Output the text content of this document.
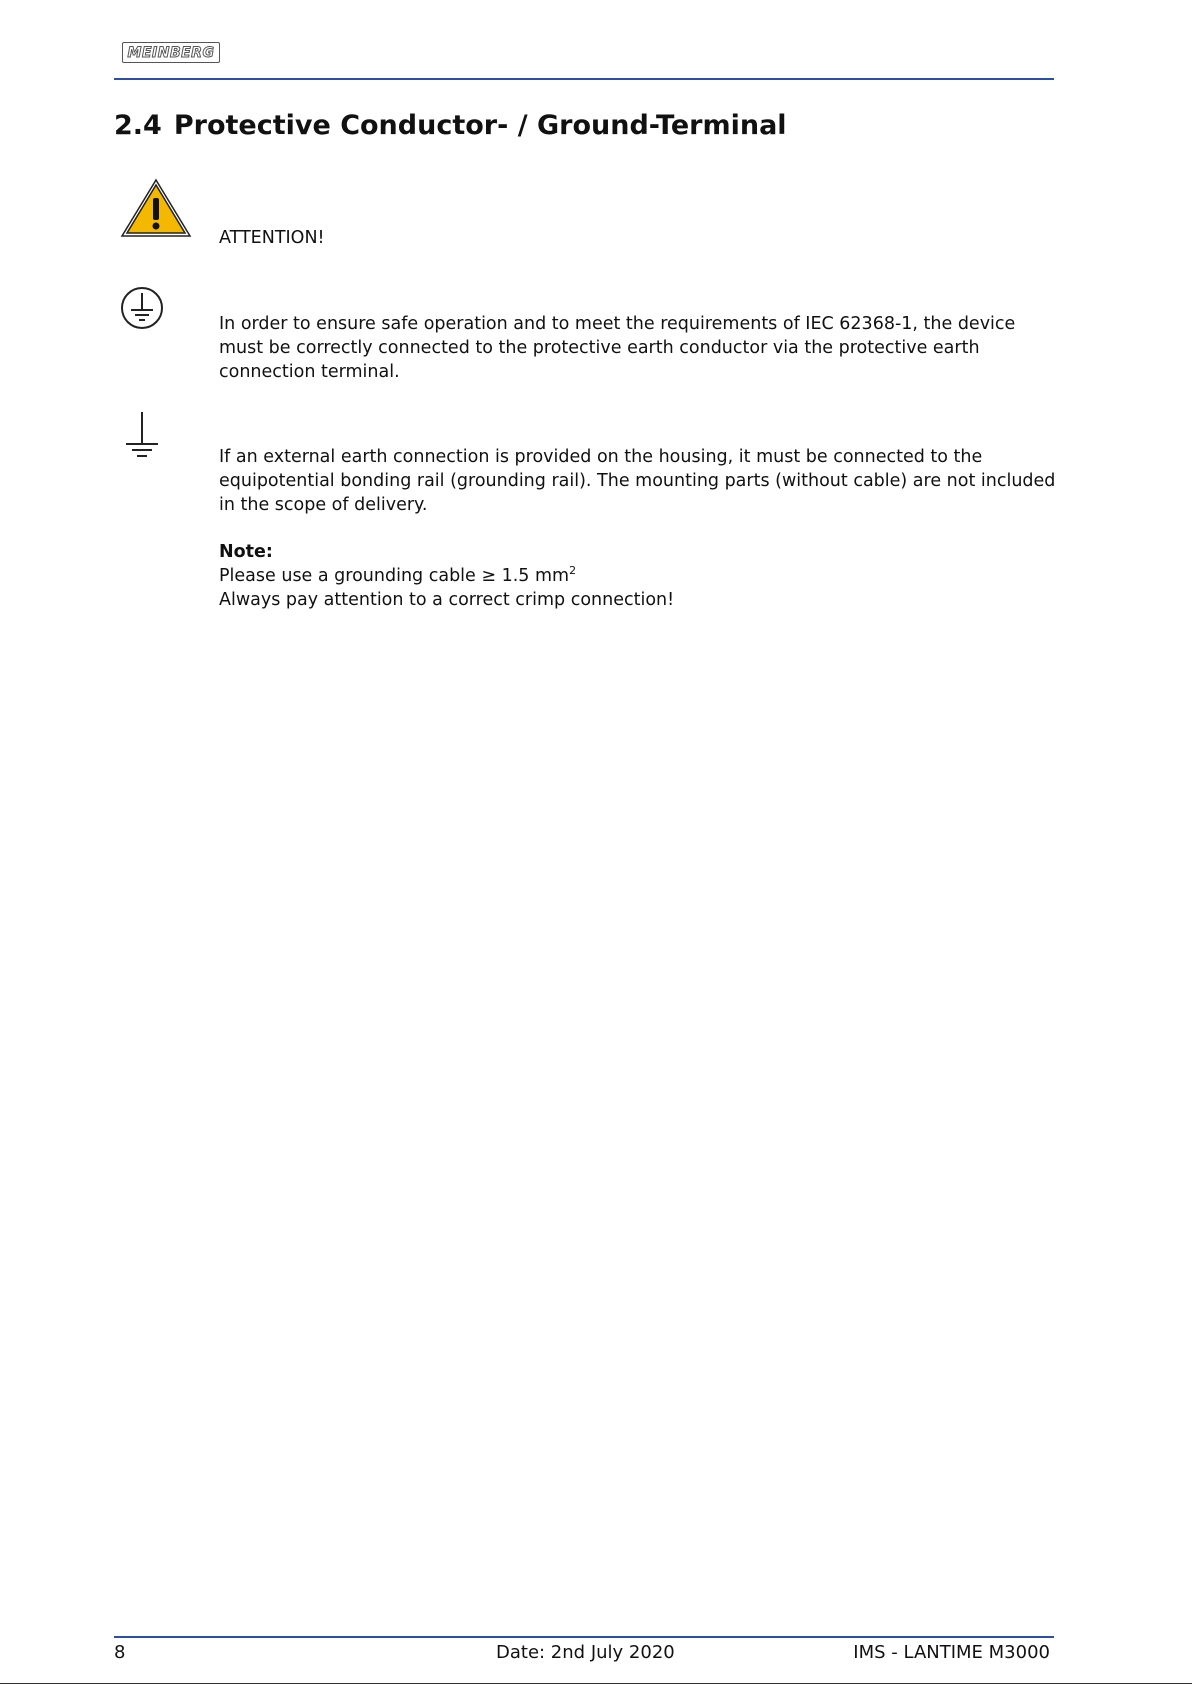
MEINBERG
2.4 Protective Conductor- / Ground-Terminal
ATTENTION!

In order to ensure safe operation and to meet the requirements of IEC 62368-1, the device must be correctly connected to the protective earth conductor via the protective earth connection terminal.

If an external earth connection is provided on the housing, it must be connected to the equipotential bonding rail (grounding rail). The mounting parts (without cable) are not included in the scope of delivery.

Note:
Please use a grounding cable ≥ 1.5 $mm^2$
Always pay attention to a correct crimp connection!
8	Date: 2nd July 2020	IMS - LANTIME M3000
